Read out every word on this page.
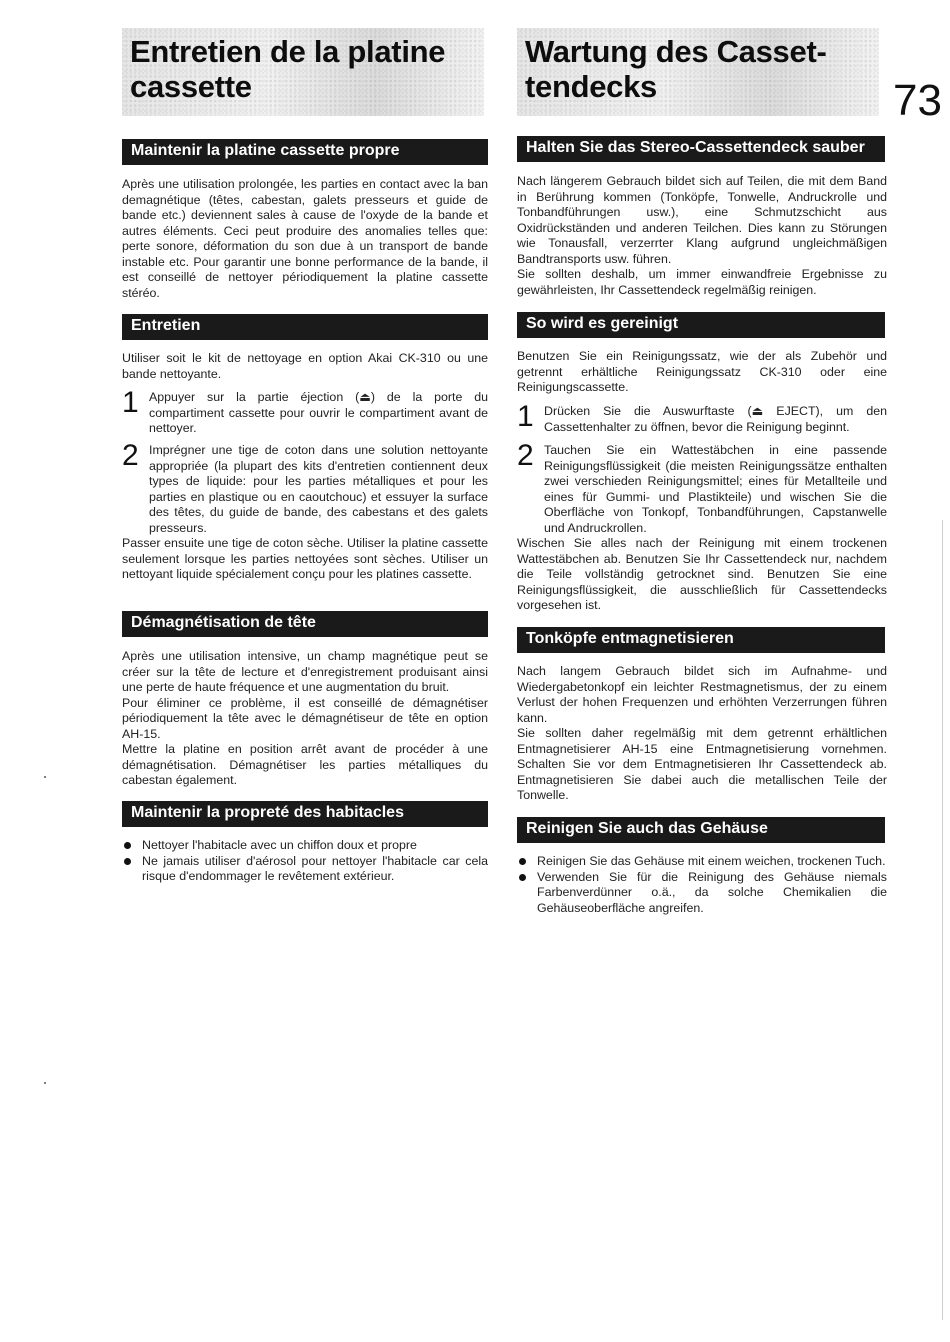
73
Entretien de la platine
cassette
Maintenir la platine cassette propre

Après une utilisation prolongée, les parties en contact avec la ban demagnétique (têtes, cabestan, galets presseurs et guide de bande etc.) deviennent sales à cause de l'oxyde de la bande et autres éléments. Ceci peut produire des anomalies telles que: perte sonore, déformation du son due à un transport de bande instable etc. Pour garantir une bonne performance de la bande, il est conseillé de nettoyer périodiquement la platine cassette stéréo.

Entretien

Utiliser soit le kit de nettoyage en option Akai CK-310 ou une bande nettoyante.

1 Appuyer sur la partie éjection (⏏) de la porte du compartiment cassette pour ouvrir le compartiment avant de nettoyer.

2 Imprégner une tige de coton dans une solution nettoyante appropriée (la plupart des kits d'entretien contiennent deux types de liquide: pour les parties métalliques et pour les parties en plastique ou en caoutchouc) et essuyer la surface des têtes, du guide de bande, des cabestans et des galets presseurs.

Passer ensuite une tige de coton sèche. Utiliser la platine cassette seulement lorsque les parties nettoyées sont sèches. Utiliser un nettoyant liquide spécialement conçu pour les platines cassette.

Démagnétisation de tête

Après une utilisation intensive, un champ magnétique peut se créer sur la tête de lecture et d'enregistrement produisant ainsi une perte de haute fréquence et une augmentation du bruit.
Pour éliminer ce problème, il est conseillé de démagnétiser périodiquement la tête avec le démagnétiseur de tête en option AH-15.
Mettre la platine en position arrêt avant de procéder à une démagnétisation. Démagnétiser les parties métalliques du cabestan également.

Maintenir la propreté des habitacles
Nettoyer l'habitacle avec un chiffon doux et propre
Ne jamais utiliser d'aérosol pour nettoyer l'habitacle car cela risque d'endommager le revêtement extérieur.
Wartung des Casset-
tendecks
Halten Sie das Stereo-Cassettendeck sauber

Nach längerem Gebrauch bildet sich auf Teilen, die mit dem Band in Berührung kommen (Tonköpfe, Tonwelle, Andruckrolle und Tonbandführungen usw.), eine Schmutzschicht aus Oxidrückständen und anderen Teilchen. Dies kann zu Störungen wie Tonausfall, verzerrter Klang aufgrund ungleichmäßigen Bandtransports usw. führen.
Sie sollten deshalb, um immer einwandfreie Ergebnisse zu gewährleisten, Ihr Cassettendeck regelmäßig reinigen.

So wird es gereinigt

Benutzen Sie ein Reinigungssatz, wie der als Zubehör und getrennt erhältliche Reinigungssatz CK-310 oder eine Reinigungscassette.

1 Drücken Sie die Auswurftaste (⏏ EJECT), um den Cassettenhalter zu öffnen, bevor die Reinigung beginnt.

2 Tauchen Sie ein Wattestäbchen in eine passende Reinigungsflüssigkeit (die meisten Reinigungssätze enthalten zwei verschieden Reinigungsmittel; eines für Metallteile und eines für Gummi- und Plastikteile) und wischen Sie die Oberfläche von Tonkopf, Tonbandführungen, Capstanwelle und Andruckrollen.

Wischen Sie alles nach der Reinigung mit einem trockenen Wattestäbchen ab. Benutzen Sie Ihr Cassettendeck nur, nachdem die Teile vollständig getrocknet sind. Benutzen Sie eine Reinigungsflüssigkeit, die ausschließlich für Cassettendecks vorgesehen ist.

Tonköpfe entmagnetisieren

Nach langem Gebrauch bildet sich im Aufnahme- und Wiedergabetonkopf ein leichter Restmagnetismus, der zu einem Verlust der hohen Frequenzen und erhöhten Verzerrungen führen kann.
Sie sollten daher regelmäßig mit dem getrennt erhältlichen Entmagnetisierer AH-15 eine Entmagnetisierung vornehmen. Schalten Sie vor dem Entmagnetisieren Ihr Cassettendeck ab. Entmagnetisieren Sie dabei auch die metallischen Teile der Tonwelle.

Reinigen Sie auch das Gehäuse
Reinigen Sie das Gehäuse mit einem weichen, trockenen Tuch.
Verwenden Sie für die Reinigung des Gehäuse niemals Farbenverdünner o.ä., da solche Chemikalien die Gehäuseoberfläche angreifen.
